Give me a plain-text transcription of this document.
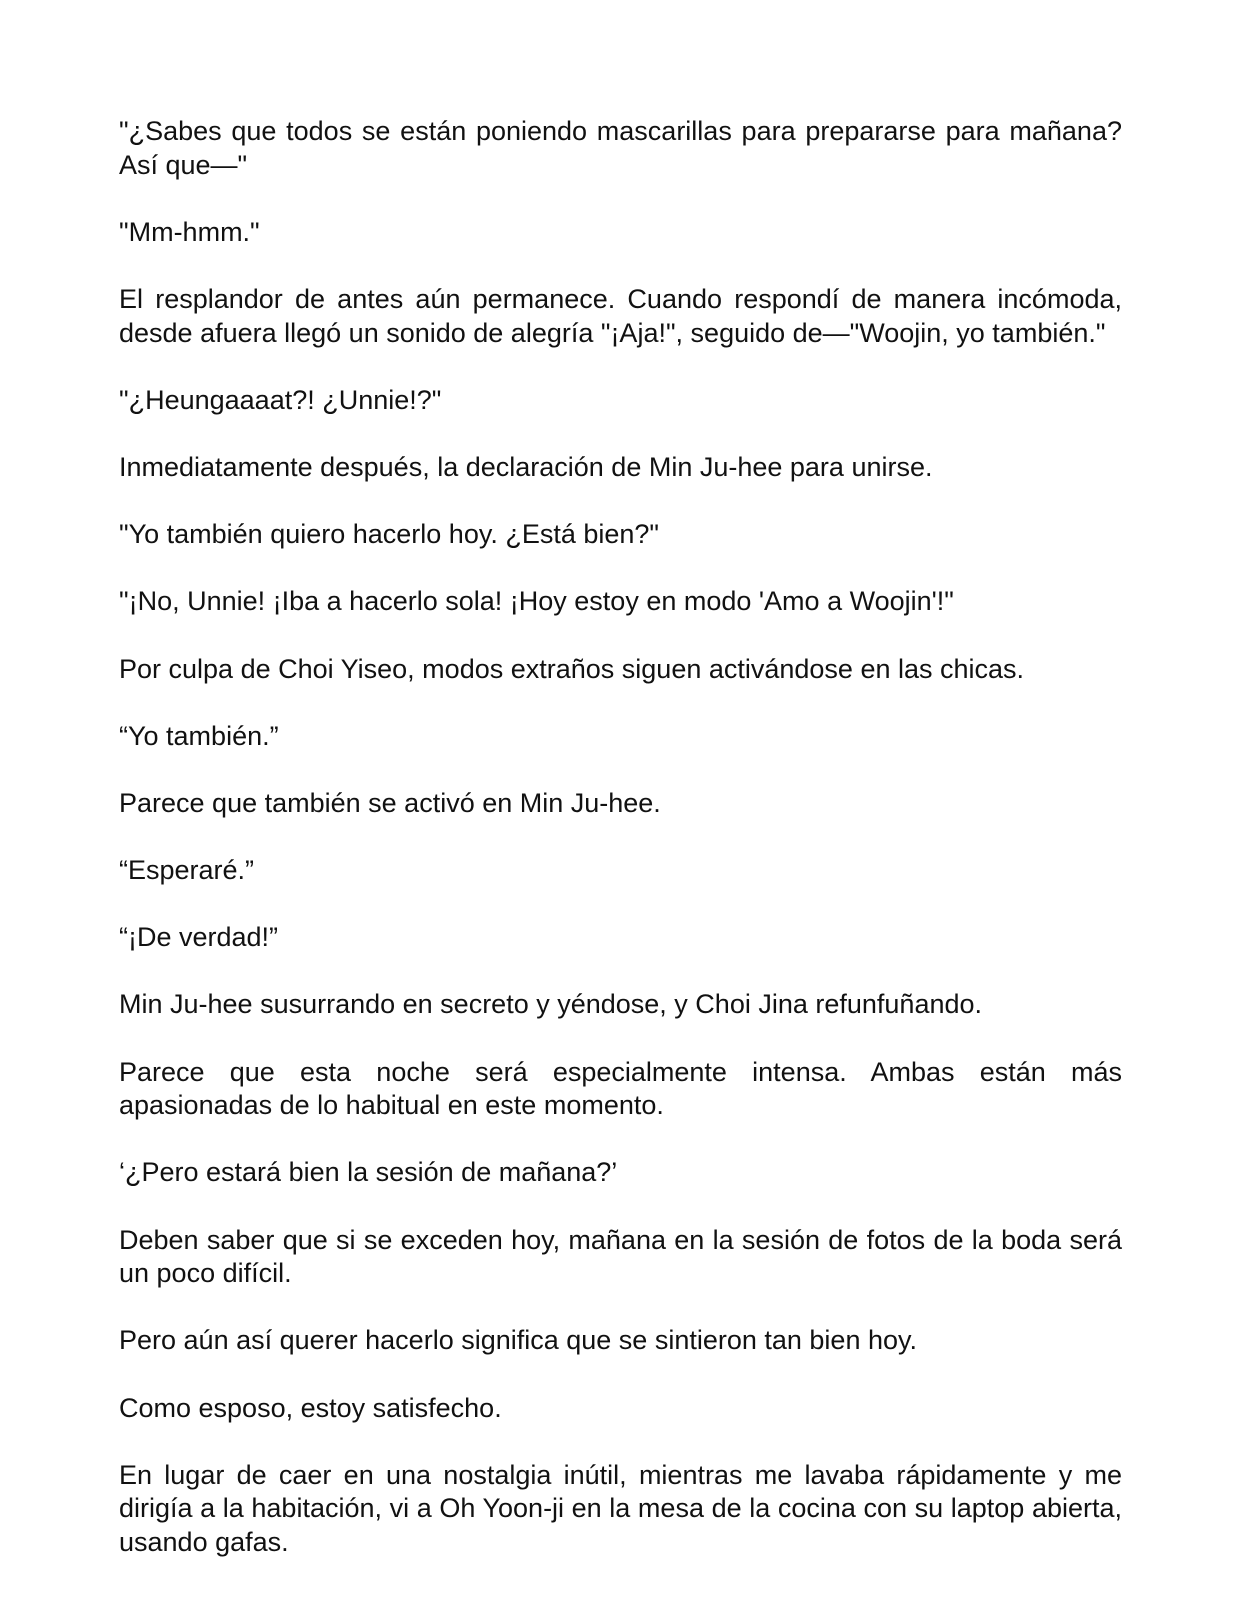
"¿Sabes que todos se están poniendo mascarillas para prepararse para mañana? Así que—"

"Mm-hmm."

El resplandor de antes aún permanece. Cuando respondí de manera incómoda, desde afuera llegó un sonido de alegría "¡Aja!", seguido de—"Woojin, yo también."

"¿Heungaaaat?! ¿Unnie!?"

Inmediatamente después, la declaración de Min Ju-hee para unirse.

"Yo también quiero hacerlo hoy. ¿Está bien?"

"¡No, Unnie! ¡Iba a hacerlo sola! ¡Hoy estoy en modo 'Amo a Woojin'!"

Por culpa de Choi Yiseo, modos extraños siguen activándose en las chicas.

“Yo también.”

Parece que también se activó en Min Ju-hee.

“Esperaré.”

“¡De verdad!”

Min Ju-hee susurrando en secreto y yéndose, y Choi Jina refunfuñando.

Parece que esta noche será especialmente intensa. Ambas están más apasionadas de lo habitual en este momento.

‘¿Pero estará bien la sesión de mañana?’

Deben saber que si se exceden hoy, mañana en la sesión de fotos de la boda será un poco difícil.

Pero aún así querer hacerlo significa que se sintieron tan bien hoy.

Como esposo, estoy satisfecho.

En lugar de caer en una nostalgia inútil, mientras me lavaba rápidamente y me dirigía a la habitación, vi a Oh Yoon-ji en la mesa de la cocina con su laptop abierta, usando gafas.
